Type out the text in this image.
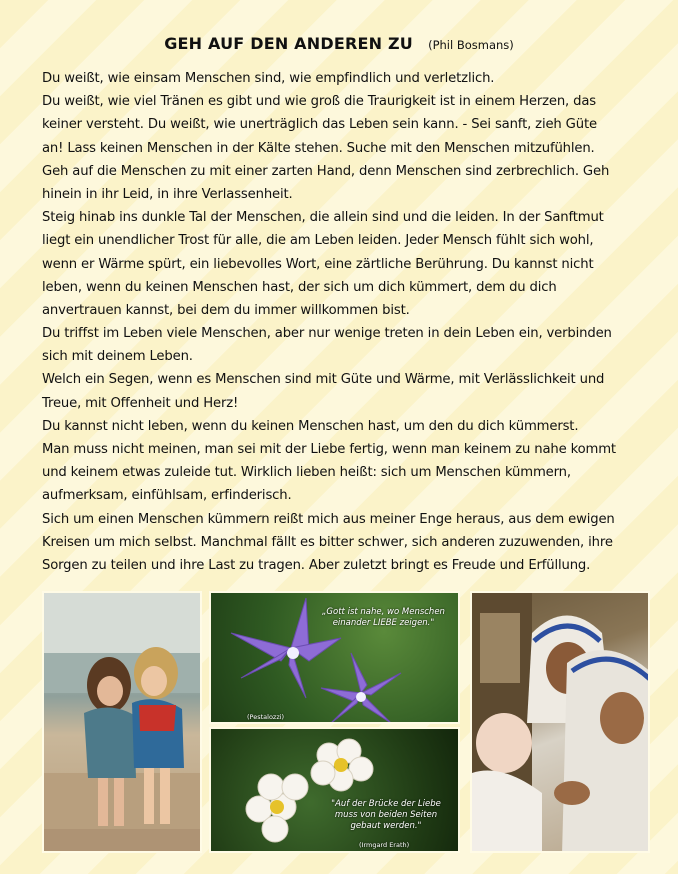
GEH AUF DEN ANDEREN ZU (Phil Bosmans)
Du weißt, wie einsam Menschen sind, wie empfindlich und verletzlich.
Du weißt, wie viel Tränen es gibt und wie groß die Traurigkeit ist in einem Herzen, das
keiner versteht. Du weißt, wie unerträglich das Leben sein kann. - Sei sanft, zieh Güte
an! Lass keinen Menschen in der Kälte stehen. Suche mit den Menschen mitzufühlen.
Geh auf die Menschen zu mit einer zarten Hand, denn Menschen sind zerbrechlich. Geh
hinein in ihr Leid, in ihre Verlassenheit.
Steig hinab ins dunkle Tal der Menschen, die allein sind und die leiden. In der Sanftmut
liegt ein unendlicher Trost für alle, die am Leben leiden. Jeder Mensch fühlt sich wohl,
wenn er Wärme spürt, ein liebevolles Wort, eine zärtliche Berührung. Du kannst nicht
leben, wenn du keinen Menschen hast, der sich um dich kümmert, dem du dich
anvertrauen kannst, bei dem du immer willkommen bist.
Du triffst im Leben viele Menschen, aber nur wenige treten in dein Leben ein, verbinden
sich mit deinem Leben.
Welch ein Segen, wenn es Menschen sind mit Güte und Wärme, mit Verlässlichkeit und
Treue, mit Offenheit und Herz!
Du kannst nicht leben, wenn du keinen Menschen hast, um den du dich kümmerst.
Man muss nicht meinen, man sei mit der Liebe fertig, wenn man keinem zu nahe kommt
und keinem etwas zuleide tut. Wirklich lieben heißt: sich um Menschen kümmern,
aufmerksam, einfühlsam, erfinderisch.
Sich um einen Menschen kümmern reißt mich aus meiner Enge heraus, aus dem ewigen
Kreisen um mich selbst. Manchmal fällt es bitter schwer, sich anderen zuzuwenden, ihre
Sorgen zu teilen und ihre Last zu tragen. Aber zuletzt bringt es Freude und Erfüllung.
„Gott ist nahe, wo Menschen
einander LIEBE zeigen."
(Pestalozzi)
"Auf der Brücke der Liebe
muss von beiden Seiten
gebaut werden."
(Irmgard Erath)
